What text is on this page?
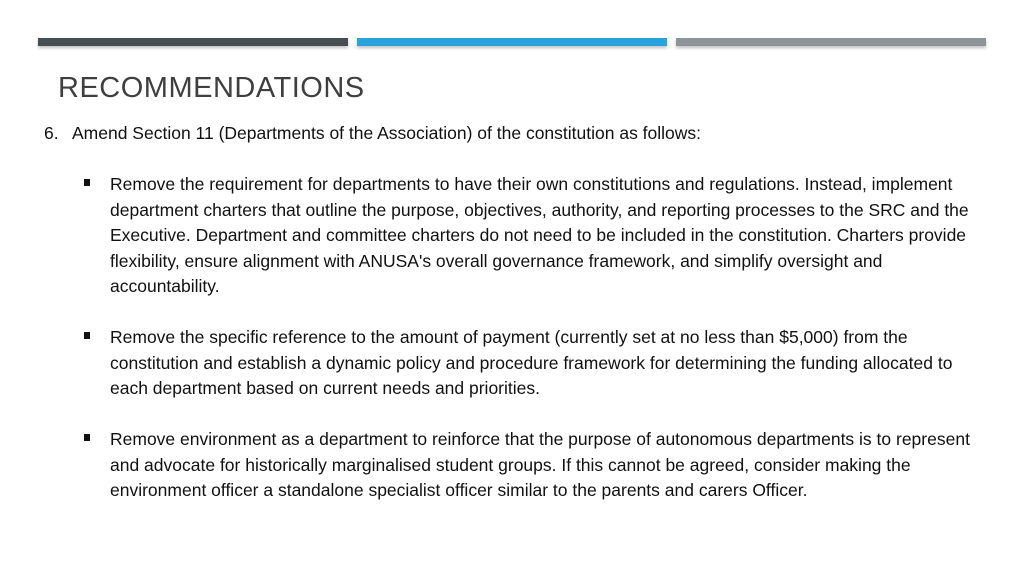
RECOMMENDATIONS
6. Amend Section 11 (Departments of the Association) of the constitution as follows:
Remove the requirement for departments to have their own constitutions and regulations. Instead, implement department charters that outline the purpose, objectives, authority, and reporting processes to the SRC and the Executive. Department and committee charters do not need to be included in the constitution. Charters provide flexibility, ensure alignment with ANUSA's overall governance framework, and simplify oversight and accountability.
Remove the specific reference to the amount of payment (currently set at no less than $5,000) from the constitution and establish a dynamic policy and procedure framework for determining the funding allocated to each department based on current needs and priorities.
Remove environment as a department to reinforce that the purpose of autonomous departments is to represent and advocate for historically marginalised student groups. If this cannot be agreed, consider making the environment officer a standalone specialist officer similar to the parents and carers Officer.
